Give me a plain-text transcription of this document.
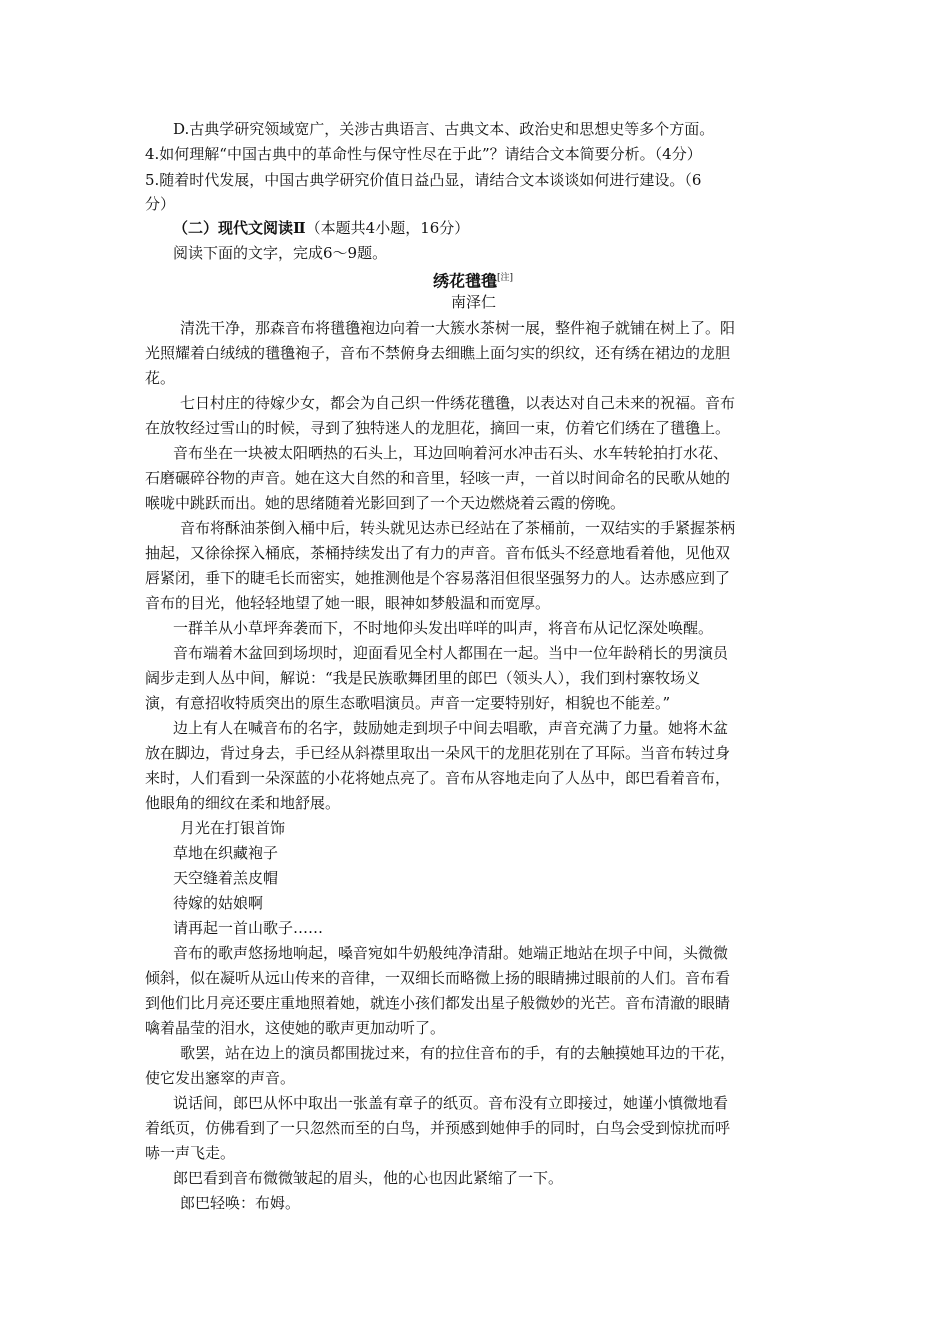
D.古典学研究领域宽广，关涉古典语言、古典文本、政治史和思想史等多个方面。
4.如何理解“中国古典中的革命性与保守性尽在于此”？请结合文本简要分析。（4分）
5.随着时代发展，中国古典学研究价值日益凸显，请结合文本谈谈如何进行建设。（6
分）
（二）现代文阅读Ⅱ（本题共4小题，16分）
阅读下面的文字，完成6～9题。
绣花氆氇[注]
南泽仁
清洗干净，那森音布将氆氇袍边向着一大簇水茶树一展，整件袍子就铺在树上了。阳
光照耀着白绒绒的氆氇袍子，音布不禁俯身去细瞧上面匀实的织纹，还有绣在裙边的龙胆
花。
七日村庄的待嫁少女，都会为自己织一件绣花氆氇，以表达对自己未来的祝福。音布
在放牧经过雪山的时候，寻到了独特迷人的龙胆花，摘回一束，仿着它们绣在了氆氇上。
音布坐在一块被太阳晒热的石头上，耳边回响着河水冲击石头、水车转轮拍打水花、
石磨碾碎谷物的声音。她在这大自然的和音里，轻咳一声，一首以时间命名的民歌从她的
喉咙中跳跃而出。她的思绪随着光影回到了一个天边燃烧着云霞的傍晚。
音布将酥油茶倒入桶中后，转头就见达赤已经站在了茶桶前，一双结实的手紧握茶柄
抽起，又徐徐探入桶底，茶桶持续发出了有力的声音。音布低头不经意地看着他，见他双
唇紧闭，垂下的睫毛长而密实，她推测他是个容易落泪但很坚强努力的人。达赤感应到了
音布的目光，他轻轻地望了她一眼，眼神如梦般温和而宽厚。
一群羊从小草坪奔袭而下，不时地仰头发出咩咩的叫声，将音布从记忆深处唤醒。
音布端着木盆回到场坝时，迎面看见全村人都围在一起。当中一位年龄稍长的男演员
阔步走到人丛中间，解说：“我是民族歌舞团里的郎巴（领头人），我们到村寨牧场义
演，有意招收特质突出的原生态歌唱演员。声音一定要特别好，相貌也不能差。”
边上有人在喊音布的名字，鼓励她走到坝子中间去唱歌，声音充满了力量。她将木盆
放在脚边，背过身去，手已经从斜襟里取出一朵风干的龙胆花别在了耳际。当音布转过身
来时，人们看到一朵深蓝的小花将她点亮了。音布从容地走向了人丛中，郎巴看着音布，
他眼角的细纹在柔和地舒展。
月光在打银首饰
草地在织藏袍子
天空缝着羔皮帽
待嫁的姑娘啊
请再起一首山歌子……
音布的歌声悠扬地响起，嗓音宛如牛奶般纯净清甜。她端正地站在坝子中间，头微微
倾斜，似在凝听从远山传来的音律，一双细长而略微上扬的眼睛拂过眼前的人们。音布看
到他们比月亮还要庄重地照着她，就连小孩们都发出星子般微妙的光芒。音布清澈的眼睛
噙着晶莹的泪水，这使她的歌声更加动听了。
歌罢，站在边上的演员都围拢过来，有的拉住音布的手，有的去触摸她耳边的干花，
使它发出窸窣的声音。
说话间，郎巴从怀中取出一张盖有章子的纸页。音布没有立即接过，她谨小慎微地看
着纸页，仿佛看到了一只忽然而至的白鸟，并预感到她伸手的同时，白鸟会受到惊扰而呼
哧一声飞走。
郎巴看到音布微微皱起的眉头，他的心也因此紧缩了一下。
郎巴轻唤：布姆。
